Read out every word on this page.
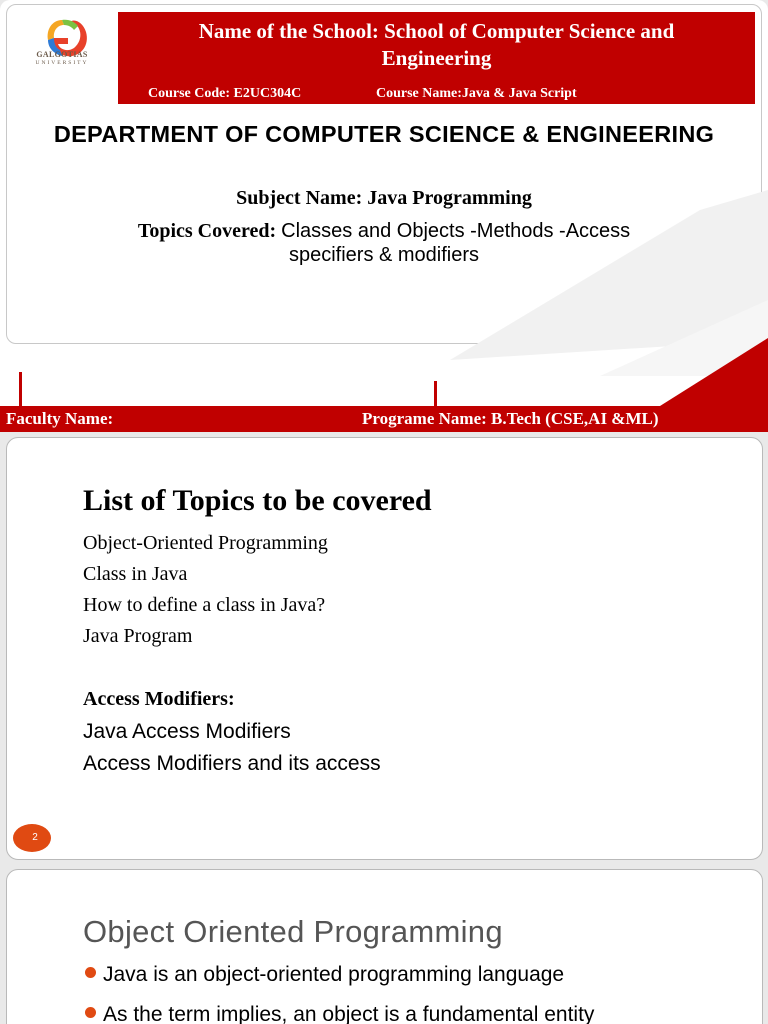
GALGOTIAS
UNIVERSITY
Name of the School: School of Computer Science and Engineering
Course Code: E2UC304C	Course Name:Java & Java Script
DEPARTMENT OF COMPUTER SCIENCE & ENGINEERING
Subject Name: Java Programming
Topics Covered: Classes and Objects -Methods -Access specifiers & modifiers
Faculty Name:	Programe Name: B.Tech (CSE,AI &ML)
List of Topics to be covered
Object-Oriented Programming
Class in Java
How to define a class in Java?
Java Program
Access Modifiers:
Java Access Modifiers
Access Modifiers and its access
2
Object Oriented Programming
Java is an object-oriented programming language
As the term implies, an object is a fundamental entity
